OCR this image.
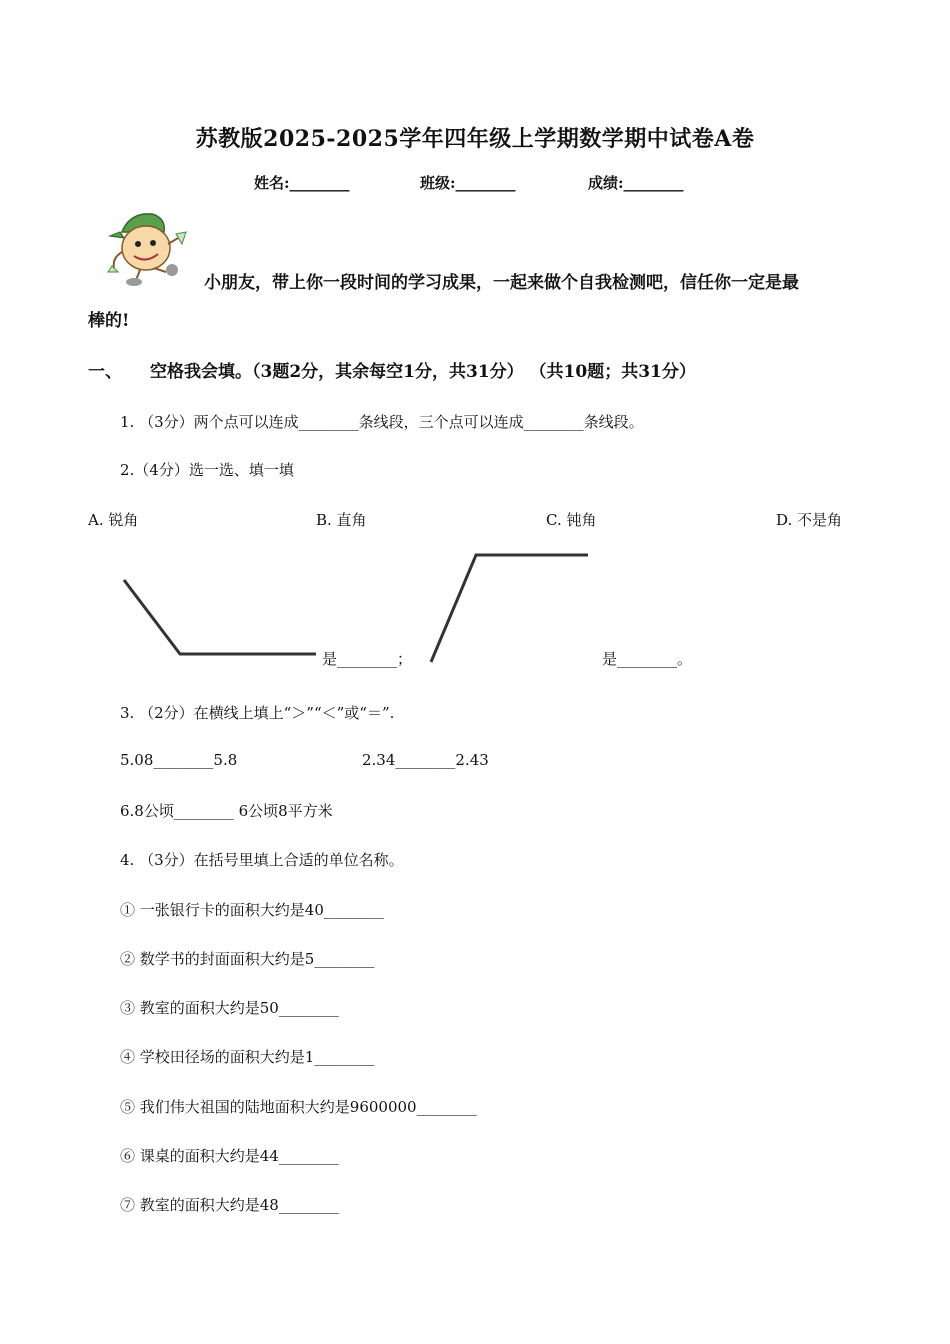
苏教版2025-2025学年四年级上学期数学期中试卷A卷
姓名:________	班级:________	成绩:________
小朋友，带上你一段时间的学习成果，一起来做个自我检测吧，信任你一定是最
棒的!
一、 空格我会填。（3题2分，其余每空1分，共31分） （共10题；共31分）
1. （3分）两个点可以连成________条线段，三个点可以连成________条线段。
2.（4分）选一选、填一填
A. 锐角	B. 直角	C. 钝角	D. 不是角
是________；	是________。
3. （2分）在横线上填上“＞”“＜”或“＝”.
5.08________5.8	2.34________2.43
6.8公顷________ 6公顷8平方米
4. （3分）在括号里填上合适的单位名称。
① 一张银行卡的面积大约是40________
② 数学书的封面面积大约是5________
③ 教室的面积大约是50________
④ 学校田径场的面积大约是1________
⑤ 我们伟大祖国的陆地面积大约是9600000________
⑥ 课桌的面积大约是44________
⑦ 教室的面积大约是48________
